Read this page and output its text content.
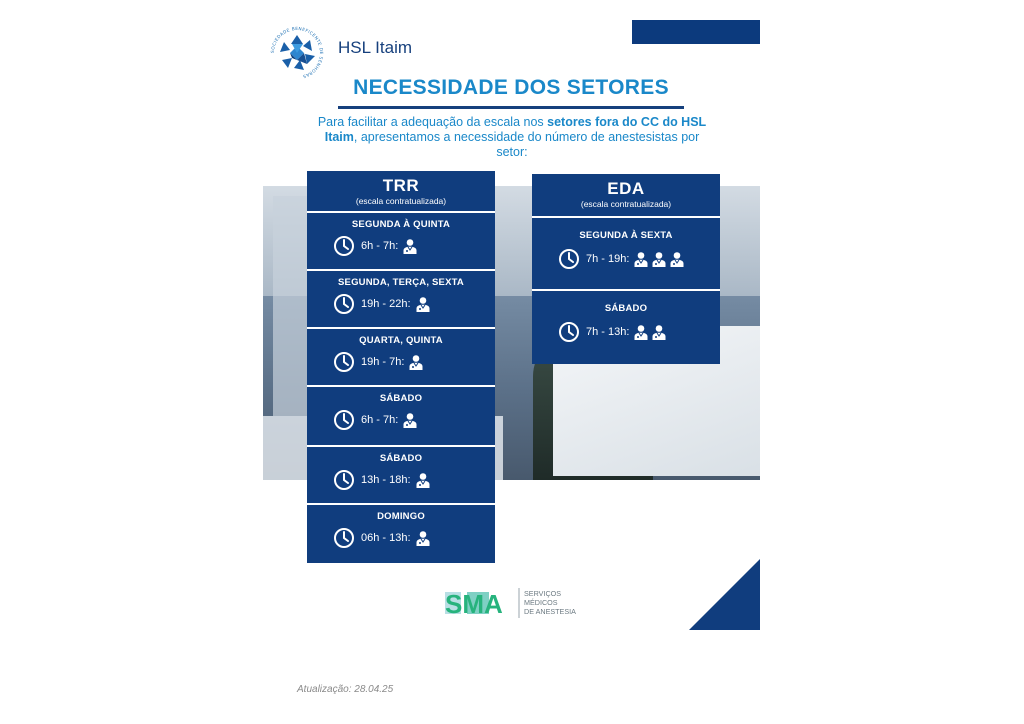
SOCIEDADE BENEFICENTE DE SENHORAS
HSL Itaim
NECESSIDADE DOS SETORES
Para facilitar a adequação da escala nos setores fora do CC do HSL Itaim, apresentamos a necessidade do número de anestesistas por setor:
TRR
(escala contratualizada)
SEGUNDA À QUINTA
6h - 7h:
SEGUNDA, TERÇA, SEXTA
19h - 22h:
QUARTA, QUINTA
19h - 7h:
SÁBADO
6h - 7h:
SÁBADO
13h - 18h:
DOMINGO
06h - 13h:
EDA
(escala contratualizada)
SEGUNDA À SEXTA
7h - 19h:
SÁBADO
7h - 13h:
SMA	SERVIÇOS
MÉDICOS
DE ANESTESIA
Atualização: 28.04.25
